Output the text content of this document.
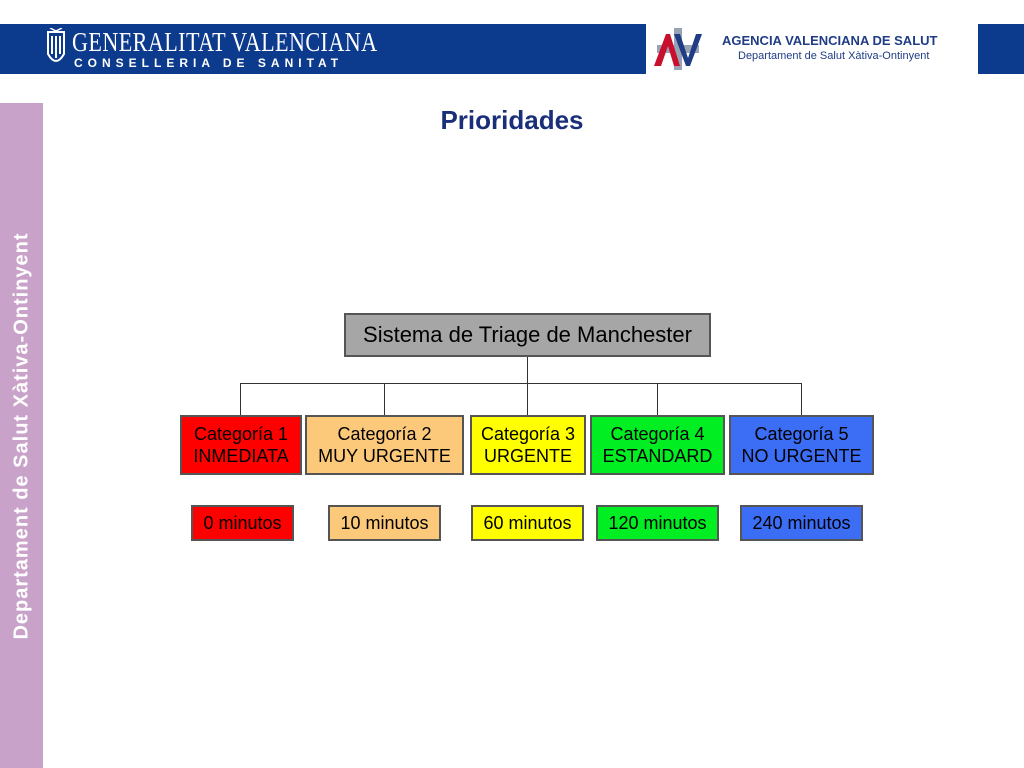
GENERALITAT VALENCIANA
CONSELLERIA DE SANITAT
AGENCIA VALENCIANA DE SALUT
Departament de Salut Xàtiva-Ontinyent
Departament de Salut Xàtiva-Ontinyent
Prioridades
Sistema de Triage de Manchester
Categoría 1
INMEDIATA
Categoría 2
MUY URGENTE
Categoría 3
URGENTE
Categoría 4
ESTANDARD
Categoría 5
NO URGENTE
0 minutos	10 minutos	60 minutos	120 minutos	240 minutos
